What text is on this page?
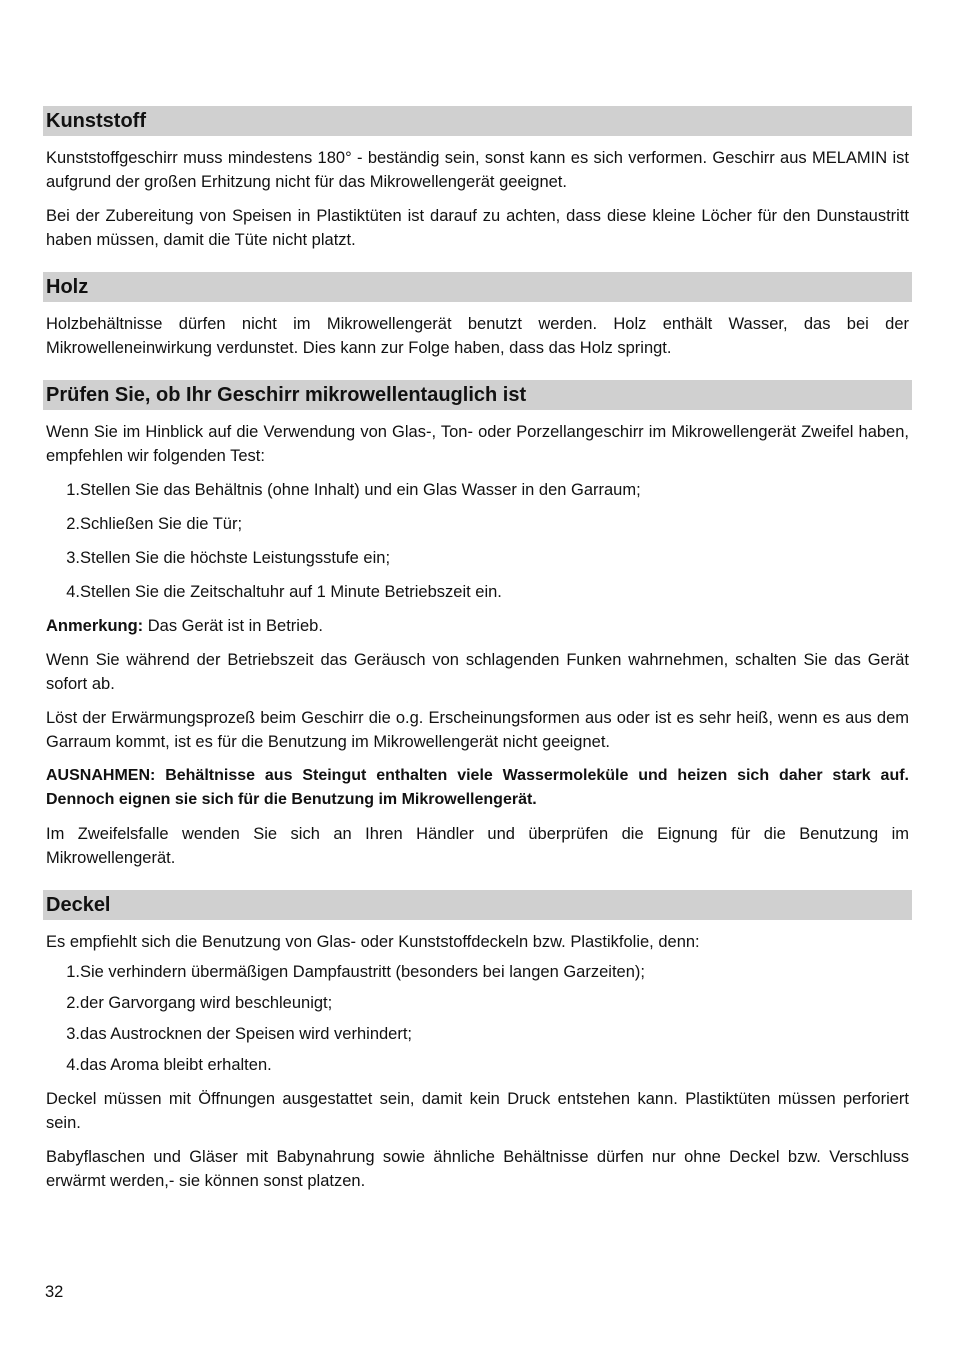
Kunststoff

Kunststoffgeschirr muss mindestens 180° - beständig sein, sonst kann es sich verformen. Geschirr aus MELAMIN ist aufgrund der großen Erhitzung nicht für das Mikrowellengerät geeignet.

Bei der Zubereitung von Speisen in Plastiktüten ist darauf zu achten, dass diese kleine Löcher für den Dunstaustritt haben müssen, damit die Tüte nicht platzt.

Holz

Holzbehältnisse dürfen nicht im Mikrowellengerät benutzt werden. Holz enthält Wasser, das bei der Mikrowelleneinwirkung verdunstet. Dies kann zur Folge haben, dass das Holz springt.

Prüfen Sie, ob Ihr Geschirr mikrowellentauglich ist

Wenn Sie im Hinblick auf die Verwendung von Glas-, Ton- oder Porzellangeschirr im Mikrowellengerät Zweifel haben, empfehlen wir folgenden Test:

1. Stellen Sie das Behältnis (ohne Inhalt) und ein Glas Wasser in den Garraum;
2. Schließen Sie die Tür;
3. Stellen Sie die höchste Leistungsstufe ein;
4. Stellen Sie die Zeitschaltuhr auf 1 Minute Betriebszeit ein.

Anmerkung: Das Gerät ist in Betrieb.

Wenn Sie während der Betriebszeit das Geräusch von schlagenden Funken wahrnehmen, schalten Sie das Gerät sofort ab.

Löst der Erwärmungsprozeß beim Geschirr die o.g. Erscheinungsformen aus oder ist es sehr heiß, wenn es aus dem Garraum kommt, ist es für die Benutzung im Mikrowellengerät nicht geeignet.

AUSNAHMEN: Behältnisse aus Steingut enthalten viele Wassermoleküle und heizen sich daher stark auf. Dennoch eignen sie sich für die Benutzung im Mikrowellengerät.

Im Zweifelsfalle wenden Sie sich an Ihren Händler und überprüfen die Eignung für die Benutzung im Mikrowellengerät.

Deckel

Es empfiehlt sich die Benutzung von Glas- oder Kunststoffdeckeln bzw. Plastikfolie, denn:

1. Sie verhindern übermäßigen Dampfaustritt (besonders bei langen Garzeiten);
2. der Garvorgang wird beschleunigt;
3. das Austrocknen der Speisen wird verhindert;
4. das Aroma bleibt erhalten.

Deckel müssen mit Öffnungen ausgestattet sein, damit kein Druck entstehen kann. Plastiktüten müssen perforiert sein.

Babyflaschen und Gläser mit Babynahrung sowie ähnliche Behältnisse dürfen nur ohne Deckel bzw. Verschluss erwärmt werden,- sie können sonst platzen.

32
